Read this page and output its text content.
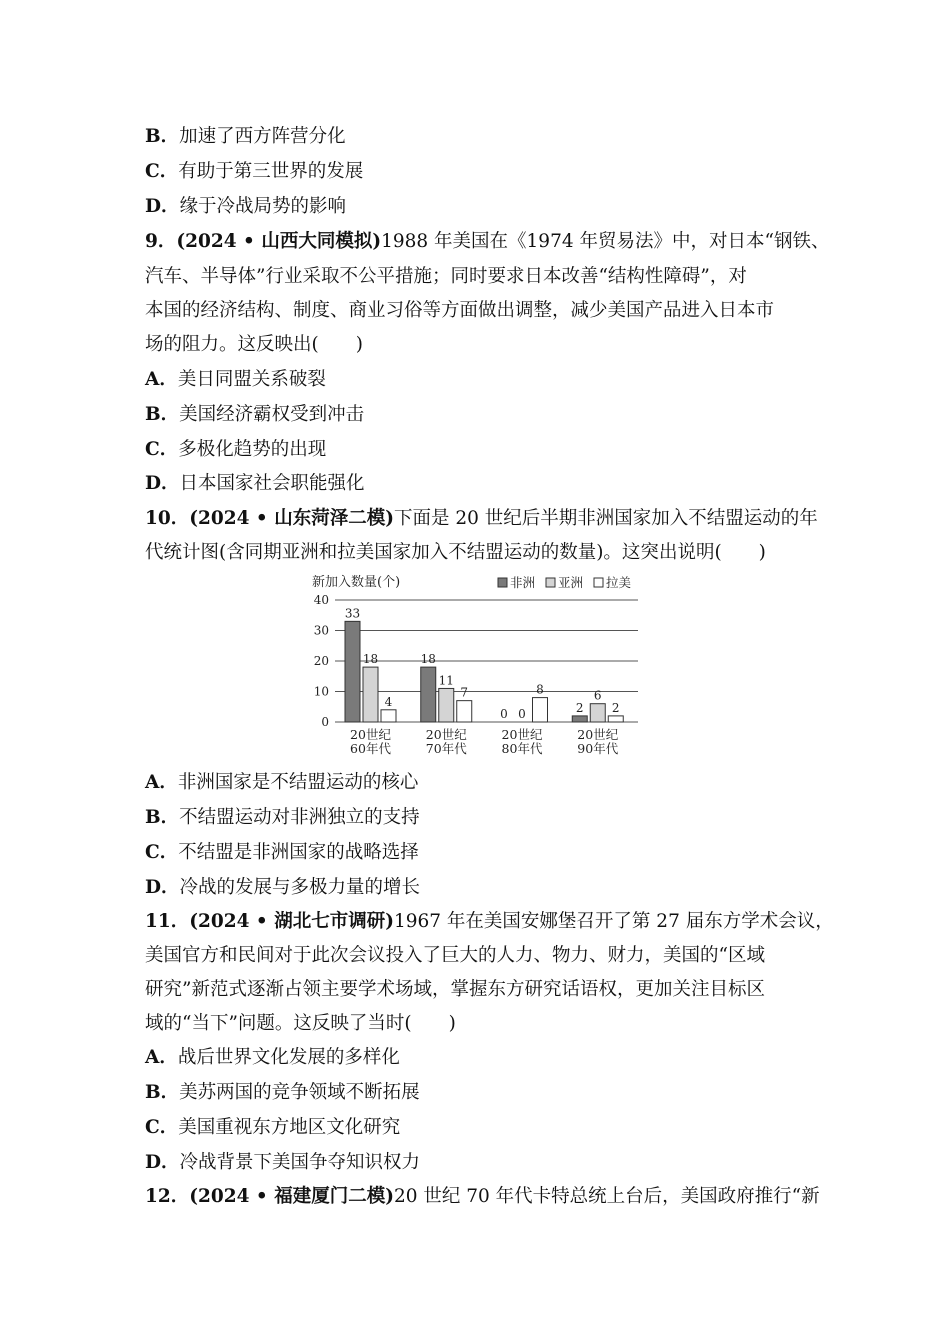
B．加速了西方阵营分化
C．有助于第三世界的发展
D．缘于冷战局势的影响
9．(2024 • 山西大同模拟)1988 年美国在《1974 年贸易法》中，对日本“钢铁、
汽车、半导体”行业采取不公平措施；同时要求日本改善“结构性障碍”，对
本国的经济结构、制度、商业习俗等方面做出调整，减少美国产品进入日本市
场的阻力。这反映出(　　)
A．美日同盟关系破裂
B．美国经济霸权受到冲击
C．多极化趋势的出现
D．日本国家社会职能强化
10．(2024 • 山东菏泽二模)下面是 20 世纪后半期非洲国家加入不结盟运动的年
代统计图(含同期亚洲和拉美国家加入不结盟运动的数量)。这突出说明(　　)
新加入数量(个)
0
10
20
30
40
33
18
4
20世纪
60年代
18
11
7
20世纪
70年代
0 0
8
20世纪
80年代
2
6
2
20世纪
90年代
非洲 亚洲 拉美
A．非洲国家是不结盟运动的核心
B．不结盟运动对非洲独立的支持
C．不结盟是非洲国家的战略选择
D．冷战的发展与多极力量的增长
11．(2024 • 湖北七市调研)1967 年在美国安娜堡召开了第 27 届东方学术会议，
美国官方和民间对于此次会议投入了巨大的人力、物力、财力，美国的“区域
研究”新范式逐渐占领主要学术场域，掌握东方研究话语权，更加关注目标区
域的“当下”问题。这反映了当时(　　)
A．战后世界文化发展的多样化
B．美苏两国的竞争领域不断拓展
C．美国重视东方地区文化研究
D．冷战背景下美国争夺知识权力
12．(2024 • 福建厦门二模)20 世纪 70 年代卡特总统上台后，美国政府推行“新
